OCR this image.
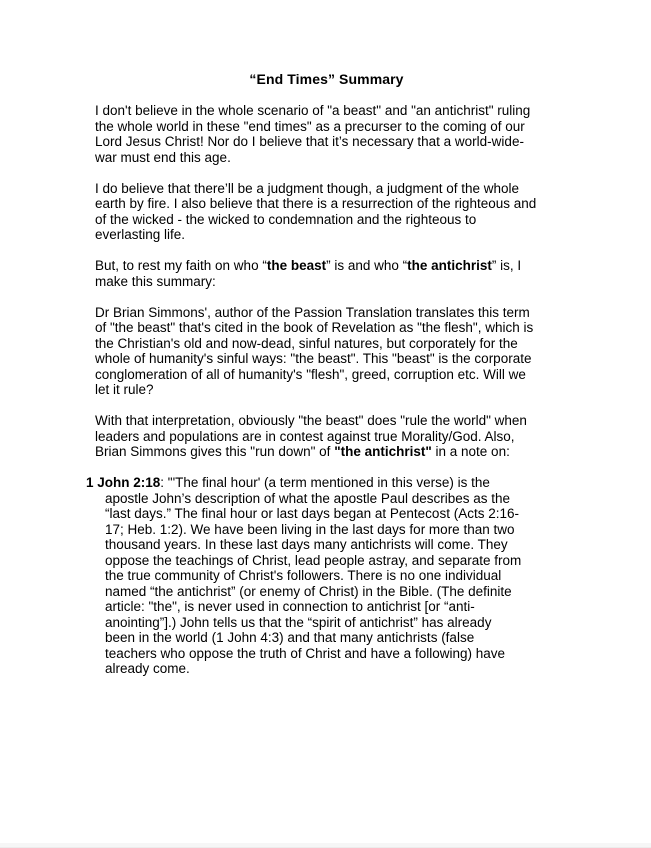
“End Times” Summary
I don't believe in the whole scenario of "a beast" and "an antichrist" ruling
the whole world in these "end times" as a precurser to the coming of our
Lord Jesus Christ! Nor do I believe that it’s necessary that a world-wide-
war must end this age.
I do believe that there’ll be a judgment though, a judgment of the whole
earth by fire. I also believe that there is a resurrection of the righteous and
of the wicked - the wicked to condemnation and the righteous to
everlasting life.
But, to rest my faith on who “the beast” is and who “the antichrist” is, I
make this summary:
Dr Brian Simmons', author of the Passion Translation translates this term
of "the beast" that's cited in the book of Revelation as "the flesh", which is
the Christian's old and now-dead, sinful natures, but corporately for the
whole of humanity's sinful ways: "the beast". This "beast" is the corporate
conglomeration of all of humanity's "flesh", greed, corruption etc. Will we
let it rule?
With that interpretation, obviously "the beast" does "rule the world" when
leaders and populations are in contest against true Morality/God. Also,
Brian Simmons gives this "run down" of "the antichrist" in a note on:
1 John 2:18: "'The final hour' (a term mentioned in this verse) is the
apostle John’s description of what the apostle Paul describes as the
“last days.” The final hour or last days began at Pentecost (Acts 2:16-
17; Heb. 1:2). We have been living in the last days for more than two
thousand years. In these last days many antichrists will come. They
oppose the teachings of Christ, lead people astray, and separate from
the true community of Christ's followers. There is no one individual
named “the antichrist” (or enemy of Christ) in the Bible. (The definite
article: "the", is never used in connection to antichrist [or “anti-
anointing”].) John tells us that the “spirit of antichrist” has already
been in the world (1 John 4:3) and that many antichrists (false
teachers who oppose the truth of Christ and have a following) have
already come.
